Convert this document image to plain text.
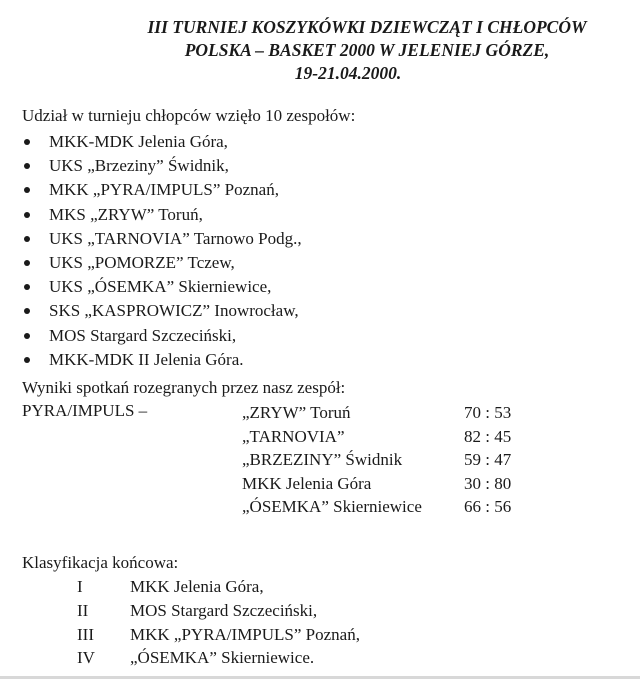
III TURNIEJ KOSZYKÓWKI DZIEWCZĄT I CHŁOPCÓW
POLSKA – BASKET 2000 W JELENIEJ GÓRZE,
19-21.04.2000.
Udział w turnieju chłopców wzięło 10 zespołów:
MKK-MDK Jelenia Góra,
UKS „Brzeziny” Świdnik,
MKK „PYRA/IMPULS” Poznań,
MKS „ZRYW” Toruń,
UKS „TARNOVIA” Tarnowo Podg.,
UKS „POMORZE” Tczew,
UKS „ÓSEMKA” Skierniewice,
SKS „KASPROWICZ” Inowrocław,
MOS Stargard Szczeciński,
MKK-MDK II Jelenia Góra.
Wyniki spotkań rozegranych przez nasz zespół:
PYRA/IMPULS –	„ZRYW” Toruń	70 : 53
„TARNOVIA”	82 : 45
„BRZEZINY” Świdnik	59 : 47
MKK Jelenia Góra	30 : 80
„ÓSEMKA” Skierniewice	66 : 56
Klasyfikacja końcowa:
I	MKK Jelenia Góra,
II	MOS Stargard Szczeciński,
III	MKK „PYRA/IMPULS” Poznań,
IV	„ÓSEMKA” Skierniewice.
